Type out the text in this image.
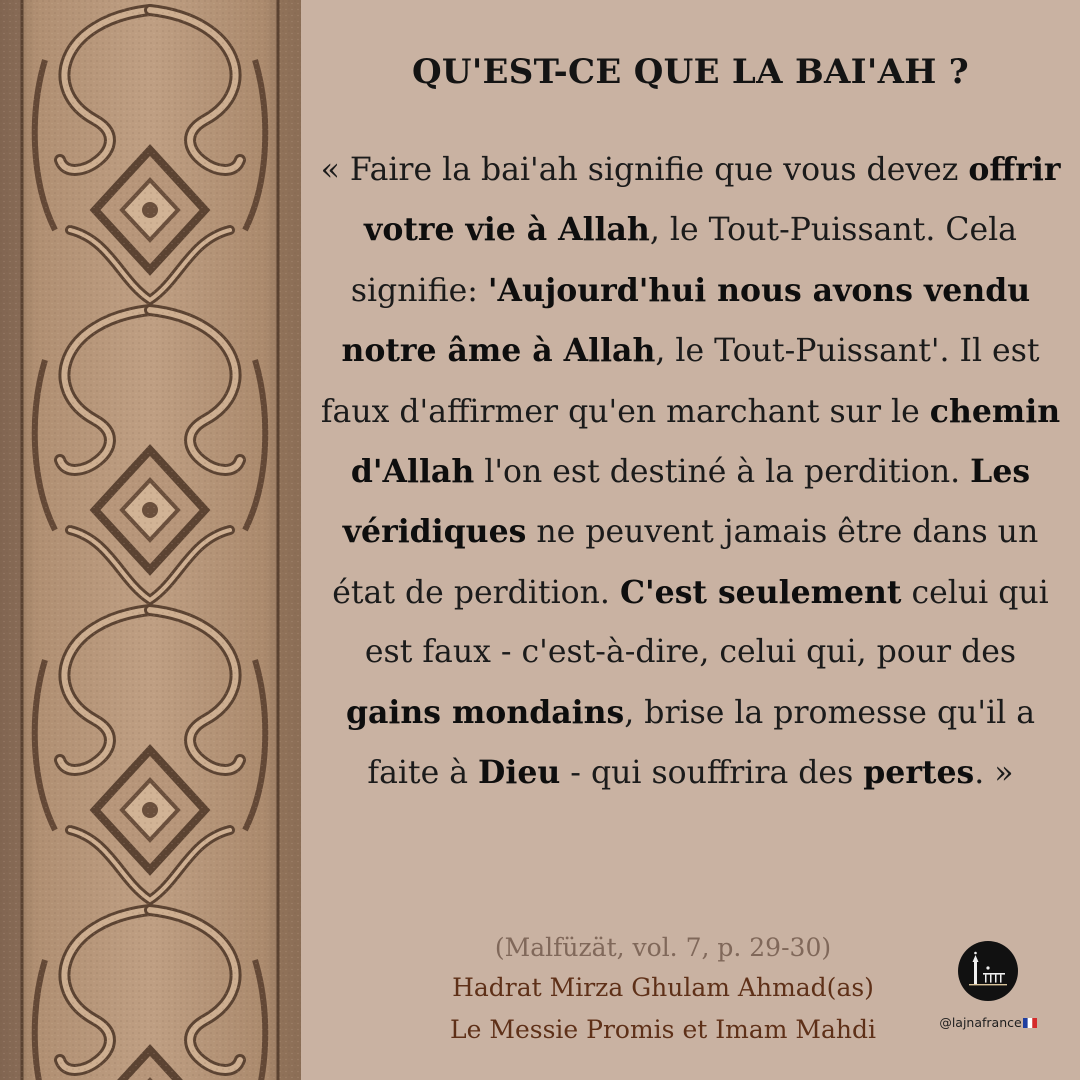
QU'EST-CE QUE LA BAI'AH ?

« Faire la bai'ah signifie que vous devez offrir votre vie à Allah, le Tout-Puissant. Cela signifie: 'Aujourd'hui nous avons vendu notre âme à Allah, le Tout-Puissant'. Il est faux d'affirmer qu'en marchant sur le chemin d'Allah l'on est destiné à la perdition. Les véridiques ne peuvent jamais être dans un état de perdition. C'est seulement celui qui est faux - c'est-à-dire, celui qui, pour des gains mondains, brise la promesse qu'il a faite à Dieu - qui souffrira des pertes. »

(Malfüzät, vol. 7, p. 29-30)
Hadrat Mirza Ghulam Ahmad(as)
Le Messie Promis et Imam Mahdi	@lajnafrance
